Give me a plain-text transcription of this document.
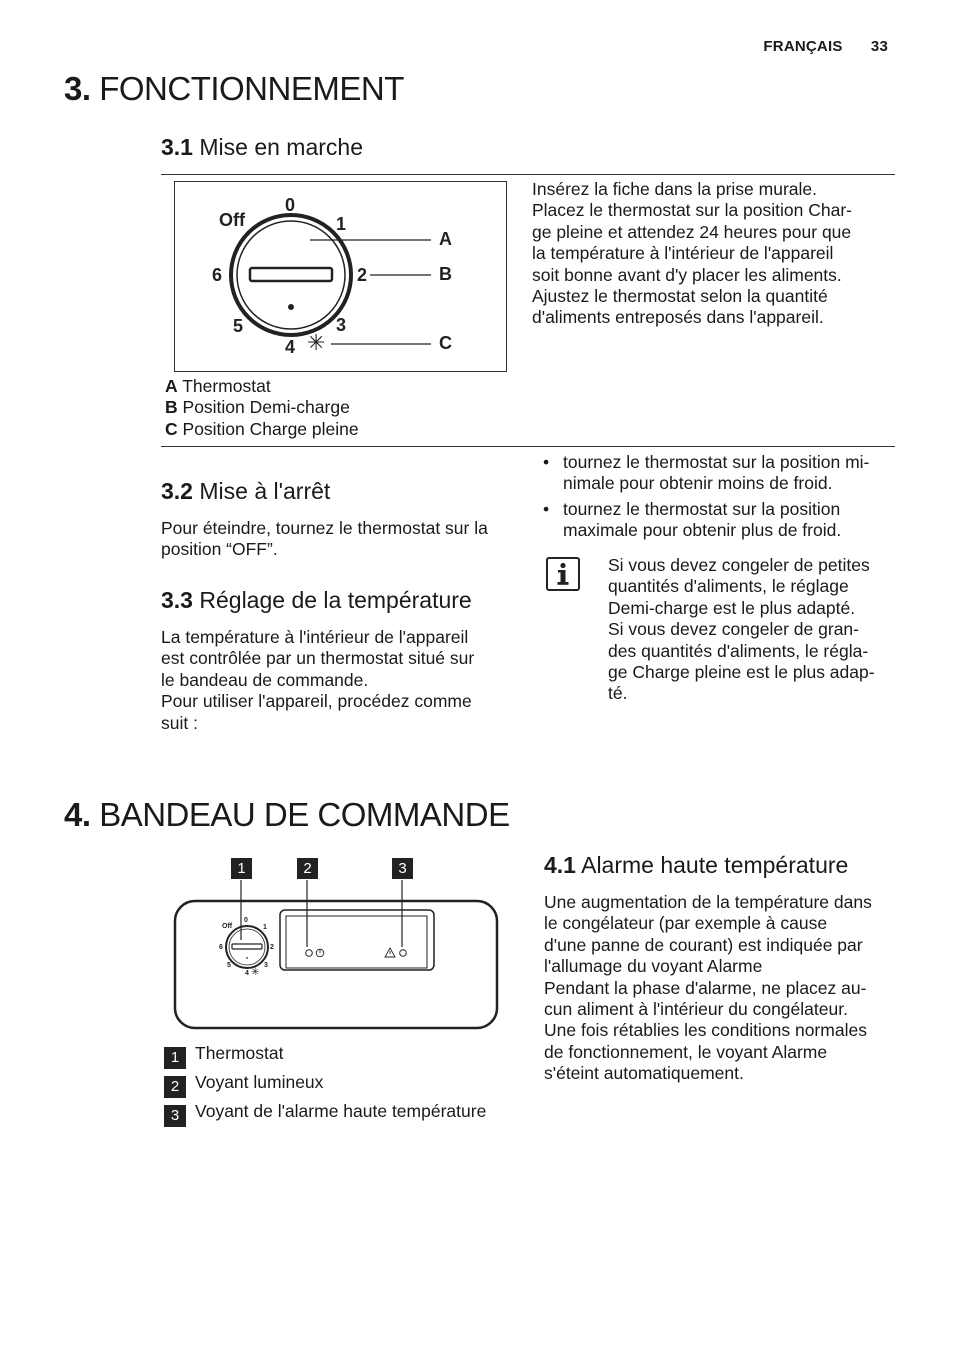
FRANÇAIS 33
3. FONCTIONNEMENT
3.1 Mise en marche
Off
0
1
2
3
4
5
6
A
B
C
✳
Insérez la fiche dans la prise murale.
Placez le thermostat sur la position Char-
ge pleine et attendez 24 heures pour que
la température à l'intérieur de l'appareil
soit bonne avant d'y placer les aliments.
Ajustez le thermostat selon la quantité
d'aliments entreposés dans l'appareil.
A Thermostat
B Position Demi-charge
C Position Charge pleine
3.2 Mise à l'arrêt
Pour éteindre, tournez le thermostat sur la
position “OFF”.
3.3 Réglage de la température
La température à l'intérieur de l'appareil
est contrôlée par un thermostat situé sur
le bandeau de commande.
Pour utiliser l'appareil, procédez comme
suit :
• tournez le thermostat sur la position mi-
nimale pour obtenir moins de froid.
• tournez le thermostat sur la position
maximale pour obtenir plus de froid.
Si vous devez congeler de petites
quantités d'aliments, le réglage
Demi-charge est le plus adapté.
Si vous devez congeler de gran-
des quantités d'aliments, le régla-
ge Charge pleine est le plus adap-
té.
4. BANDEAU DE COMMANDE
1	2	3
Off
0
1
2
3
4
5
6
✳
1 Thermostat
2 Voyant lumineux
3 Voyant de l'alarme haute température
4.1 Alarme haute température
Une augmentation de la température dans
le congélateur (par exemple à cause
d'une panne de courant) est indiquée par
l'allumage du voyant Alarme
Pendant la phase d'alarme, ne placez au-
cun aliment à l'intérieur du congélateur.
Une fois rétablies les conditions normales
de fonctionnement, le voyant Alarme
s'éteint automatiquement.
